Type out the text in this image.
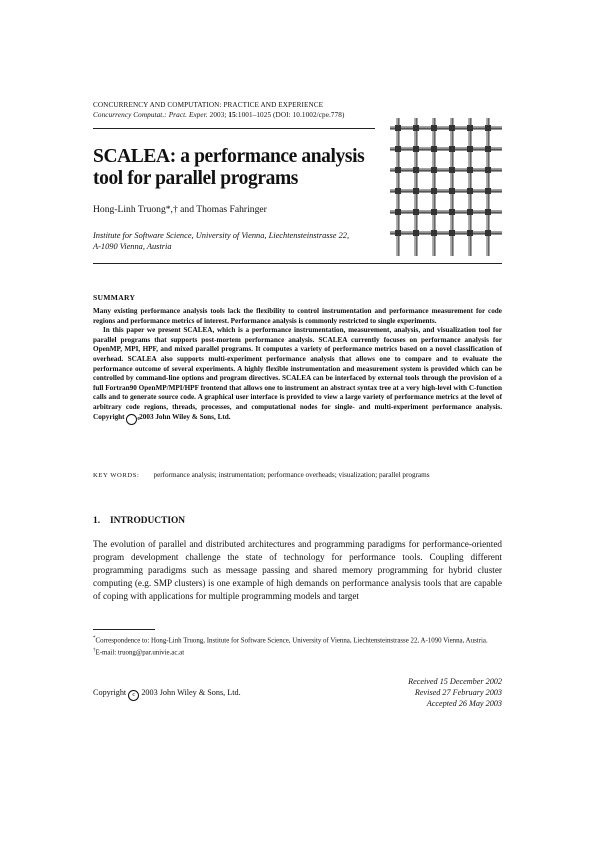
CONCURRENCY AND COMPUTATION: PRACTICE AND EXPERIENCE
Concurrency Computat.: Pract. Exper. 2003; 15:1001–1025 (DOI: 10.1002/cpe.778)
SCALEA: a performance analysis tool for parallel programs
Hong-Linh Truong*,† and Thomas Fahringer
Institute for Software Science, University of Vienna, Liechtensteinstrasse 22,
A-1090 Vienna, Austria
SUMMARY

Many existing performance analysis tools lack the flexibility to control instrumentation and performance measurement for code regions and performance metrics of interest. Performance analysis is commonly restricted to single experiments.

In this paper we present SCALEA, which is a performance instrumentation, measurement, analysis, and visualization tool for parallel programs that supports post-mortem performance analysis. SCALEA currently focuses on performance analysis for OpenMP, MPI, HPF, and mixed parallel programs. It computes a variety of performance metrics based on a novel classification of overhead. SCALEA also supports multi-experiment performance analysis that allows one to compare and to evaluate the performance outcome of several experiments. A highly flexible instrumentation and measurement system is provided which can be controlled by command-line options and program directives. SCALEA can be interfaced by external tools through the provision of a full Fortran90 OpenMP/MPI/HPF frontend that allows one to instrument an abstract syntax tree at a very high-level with C-function calls and to generate source code. A graphical user interface is provided to view a large variety of performance metrics at the level of arbitrary code regions, threads, processes, and computational nodes for single- and multi-experiment performance analysis. Copyright c 2003 John Wiley & Sons, Ltd.

KEY WORDS: performance analysis; instrumentation; performance overheads; visualization; parallel programs
1. INTRODUCTION
The evolution of parallel and distributed architectures and programming paradigms for performance-oriented program development challenge the state of technology for performance tools. Coupling different programming paradigms such as message passing and shared memory programming for hybrid cluster computing (e.g. SMP clusters) is one example of high demands on performance analysis tools that are capable of coping with applications for multiple programming models and target
*Correspondence to: Hong-Linh Truong, Institute for Software Science, University of Vienna, Liechtensteinstrasse 22, A-1090 Vienna, Austria.
†E-mail: truong@par.univie.ac.at
Received 15 December 2002
Revised 27 February 2003
Accepted 26 May 2003
Copyright c 2003 John Wiley & Sons, Ltd.
